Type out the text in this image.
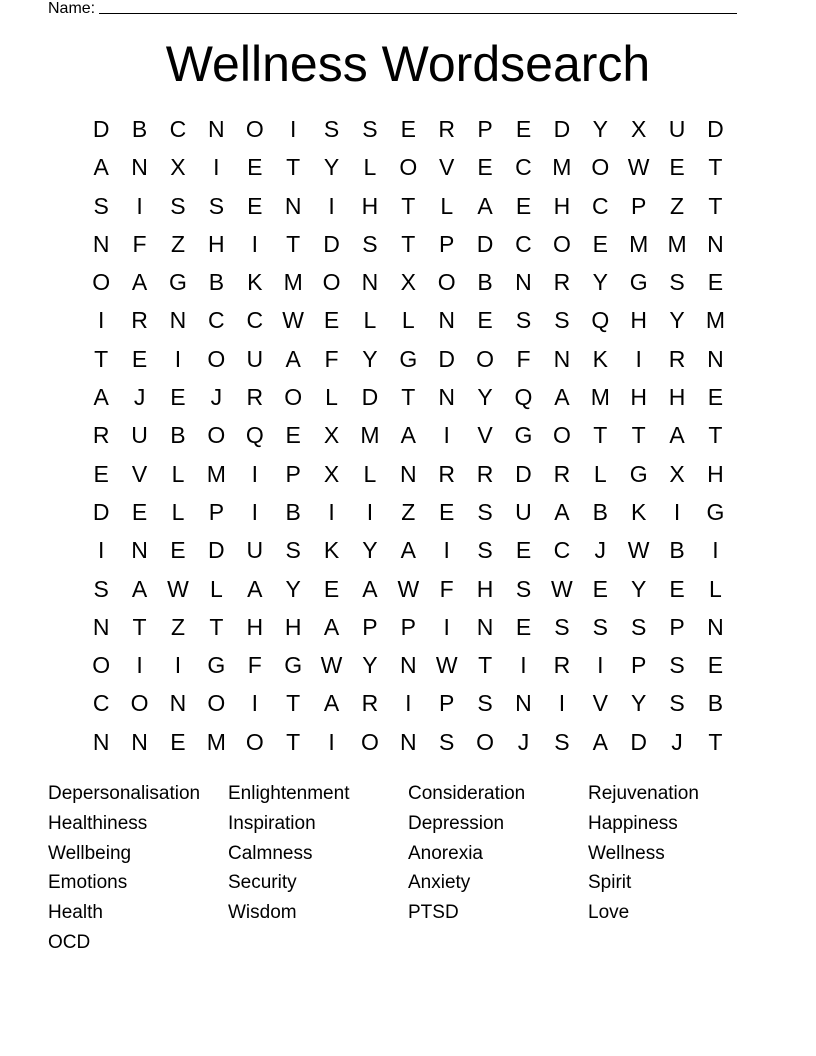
Name:
Wellness Wordsearch
D B C N O	I	S	S	E R P	E D Y	X U D
A N X	I	E	T	Y	L	O V	E C M O W E	T
S	I	S	S	E N	I	H	T	L	A	E H C P	Z	T
N	F	Z	H	I	T	D S	T	P D C O E M M N
O A G B	K M O N X O B N R Y G S	E
I	R N C C W E	L	L	N E	S	S Q H Y M
T	E	I	O U A	F	Y G D O F	N K	I	R N
A	J	E	J	R O	L	D	T	N Y Q A M H H E
R U B O Q E	X M A	I	V G O T	T	A	T
E	V	L M	I	P	X	L	N R R D R	L	G X H
D E	L	P	I	B	I	I	Z	E	S U A	B	K	I	G
I	N E D U S	K	Y	A	I	S	E C	J W B	I
S	A W L	A	Y	E	A W F	H S W E	Y	E	L
N	T	Z	T	H H A	P	P	I	N E	S	S	S	P N
O	I	I	G F G W Y N W T	I	R	I	P	S	E
C O N O	I	T	A R	I	P	S N	I	V	Y	S	B
N N E M O T	I	O N S O	J	S	A D	J	T
Depersonalisation	Enlightenment	Consideration	Rejuvenation
Healthiness	Inspiration	Depression	Happiness
Wellbeing	Calmness	Anorexia	Wellness
Emotions	Security	Anxiety	Spirit
Health	Wisdom	PTSD	Love
OCD
